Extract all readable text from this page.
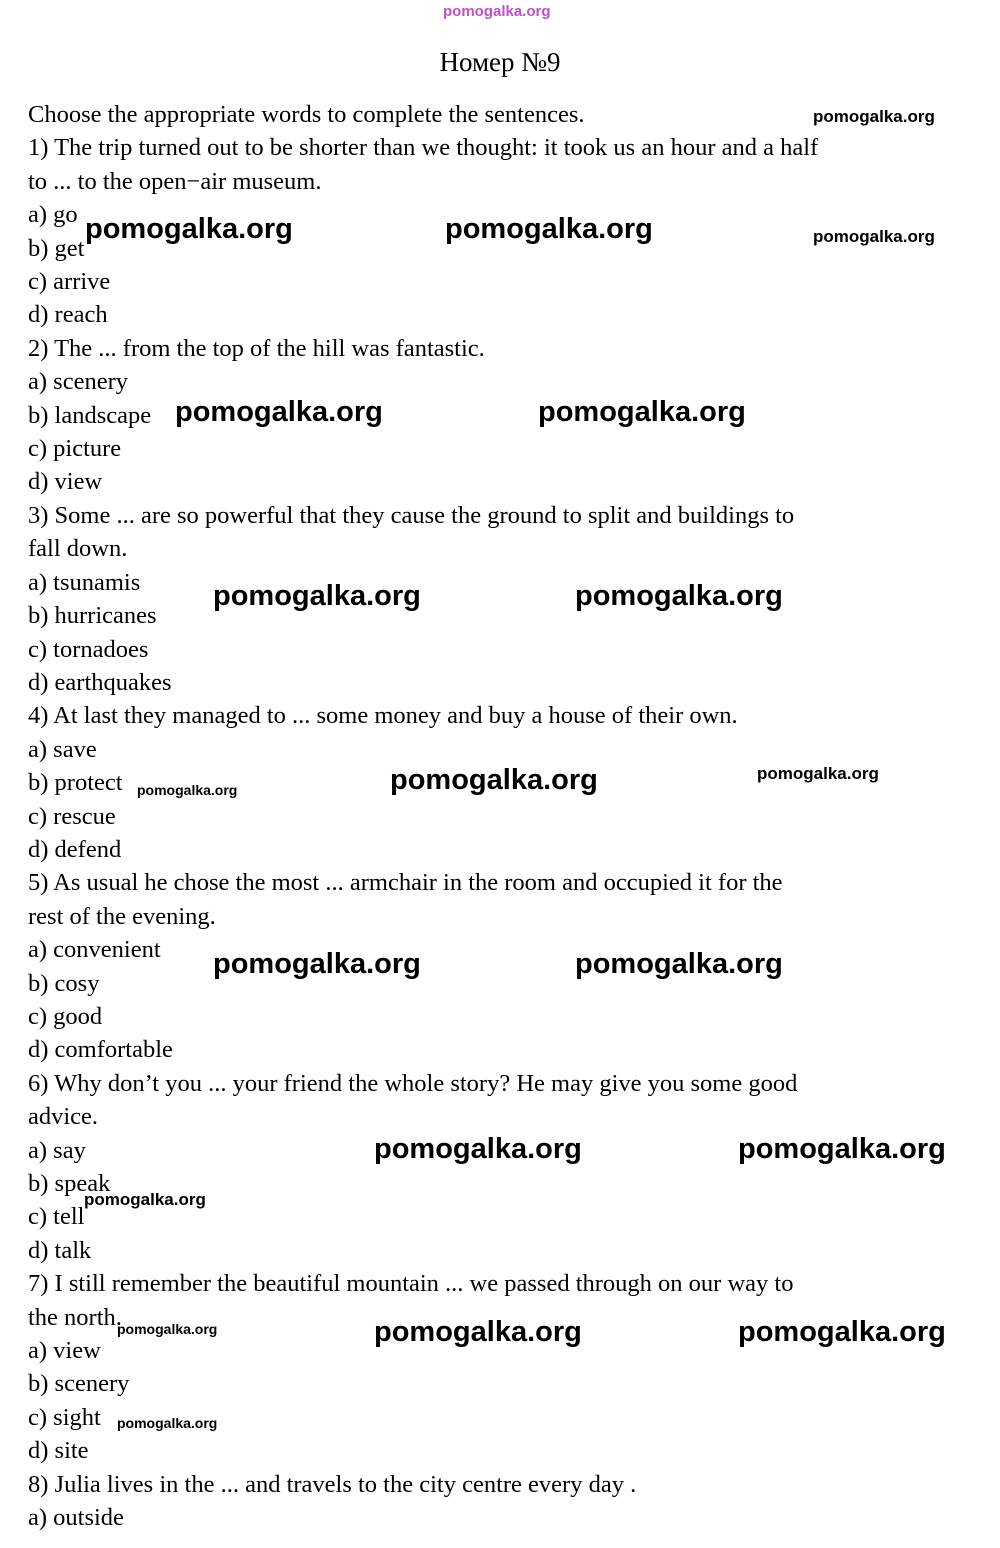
pomogalka.org
pomogalka.org
pomogalka.org	pomogalka.org	pomogalka.org
pomogalka.org	pomogalka.org
pomogalka.org	pomogalka.org
pomogalka.org	pomogalka.org	pomogalka.org
pomogalka.org	pomogalka.org
pomogalka.org	pomogalka.org
pomogalka.org
pomogalka.org	pomogalka.org	pomogalka.org
pomogalka.org
Номер №9
Choose the appropriate words to complete the sentences.
1) The trip turned out to be shorter than we thought: it took us an hour and a half
to ... to the open−air museum.
a) go
b) get
c) arrive
d) reach
2) The ... from the top of the hill was fantastic.
a) scenery
b) landscape
c) picture
d) view
3) Some ... are so powerful that they cause the ground to split and buildings to
fall down.
a) tsunamis
b) hurricanes
c) tornadoes
d) earthquakes
4) At last they managed to ... some money and buy a house of their own.
a) save
b) protect
c) rescue
d) defend
5) As usual he chose the most ... armchair in the room and occupied it for the
rest of the evening.
a) convenient
b) cosy
c) good
d) comfortable
6) Why don’t you ... your friend the whole story? He may give you some good
advice.
a) say
b) speak
c) tell
d) talk
7) I still remember the beautiful mountain ... we passed through on our way to
the north.
a) view
b) scenery
c) sight
d) site
8) Julia lives in the ... and travels to the city centre every day .
a) outside
